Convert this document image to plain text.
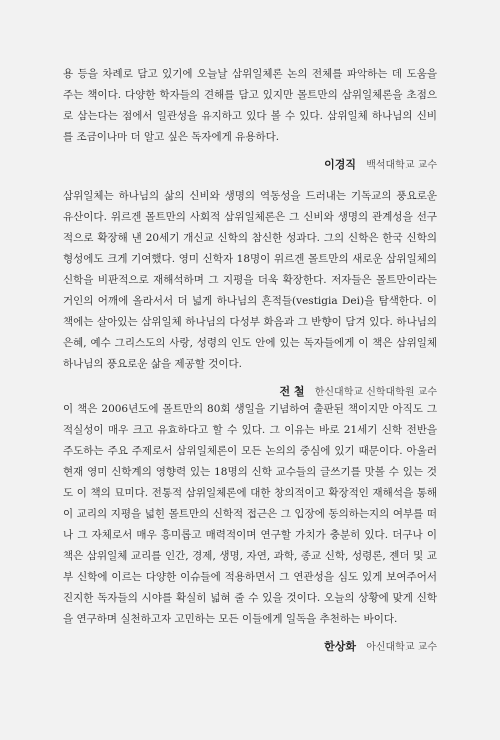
용 등을 차례로 담고 있기에 오늘날 삼위일체론 논의 전체를 파악하는 데 도움을 주는 책이다. 다양한 학자들의 견해를 담고 있지만 몰트만의 삼위일체론을 초점으로 삼는다는 점에서 일관성을 유지하고 있다 볼 수 있다. 삼위일체 하나님의 신비를 조금이나마 더 알고 싶은 독자에게 유용하다.

이경직 백석대학교 교수

삼위일체는 하나님의 삶의 신비와 생명의 역동성을 드러내는 기독교의 풍요로운 유산이다. 위르겐 몰트만의 사회적 삼위일체론은 그 신비와 생명의 관계성을 선구적으로 확장해 낸 20세기 개신교 신학의 참신한 성과다. 그의 신학은 한국 신학의 형성에도 크게 기여했다. 영미 신학자 18명이 위르겐 몰트만의 새로운 삼위일체의 신학을 비판적으로 재해석하며 그 지평을 더욱 확장한다. 저자들은 몰트만이라는 거인의 어깨에 올라서서 더 넓게 하나님의 흔적들(vestigia Dei)을 탐색한다. 이 책에는 살아있는 삼위일체 하나님의 다성부 화음과 그 반향이 담겨 있다. 하나님의 은혜, 예수 그리스도의 사랑, 성령의 인도 안에 있는 독자들에게 이 책은 삼위일체 하나님의 풍요로운 삶을 제공할 것이다.

전 철 한신대학교 신학대학원 교수

이 책은 2006년도에 몰트만의 80회 생일을 기념하여 출판된 책이지만 아직도 그 적실성이 매우 크고 유효하다고 할 수 있다. 그 이유는 바로 21세기 신학 전반을 주도하는 주요 주제로서 삼위일체론이 모든 논의의 중심에 있기 때문이다. 아울러 현재 영미 신학계의 영향력 있는 18명의 신학 교수들의 글쓰기를 맛볼 수 있는 것도 이 책의 묘미다. 전통적 삼위일체론에 대한 창의적이고 확장적인 재해석을 통해 이 교리의 지평을 넓힌 몰트만의 신학적 접근은 그 입장에 동의하는지의 여부를 떠나 그 자체로서 매우 흥미롭고 매력적이며 연구할 가치가 충분히 있다. 더구나 이 책은 삼위일체 교리를 인간, 경제, 생명, 자연, 과학, 종교 신학, 성령론, 젠더 및 교부 신학에 이르는 다양한 이슈들에 적용하면서 그 연관성을 심도 있게 보여주어서 진지한 독자들의 시야를 확실히 넓혀 줄 수 있을 것이다. 오늘의 상황에 맞게 신학을 연구하며 실천하고자 고민하는 모든 이들에게 일독을 추천하는 바이다.

한상화 아신대학교 교수
